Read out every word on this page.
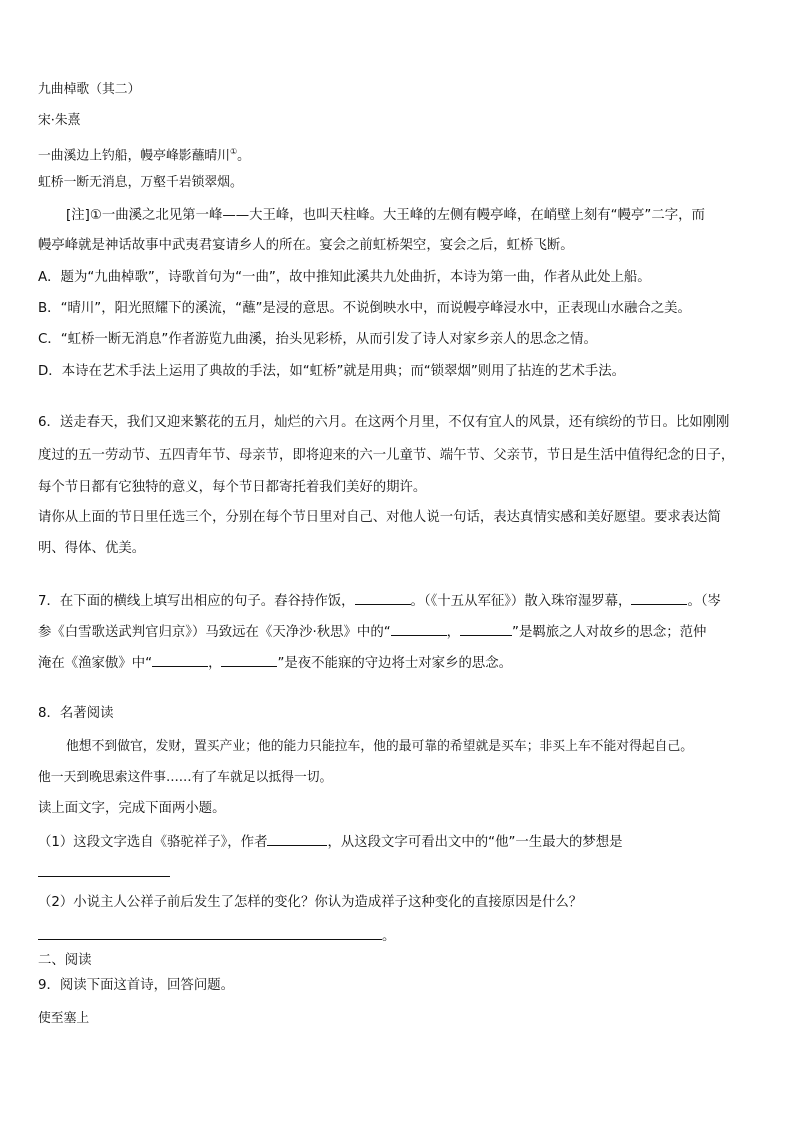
九曲棹歌（其二）
宋·朱熹
一曲溪边上钓船，幔亭峰影蘸晴川①。
虹桥一断无消息，万壑千岩锁翠烟。
[注]①一曲溪之北见第一峰——大王峰，也叫天柱峰。大王峰的左侧有幔亭峰，在峭壁上刻有“幔亭”二字，而
幔亭峰就是神话故事中武夷君宴请乡人的所在。宴会之前虹桥架空，宴会之后，虹桥飞断。
A．题为“九曲棹歌”，诗歌首句为“一曲”，故中推知此溪共九处曲折，本诗为第一曲，作者从此处上船。
B．“晴川”，阳光照耀下的溪流，“蘸”是浸的意思。不说倒映水中，而说幔亭峰浸水中，正表现山水融合之美。
C．“虹桥一断无消息”作者游览九曲溪，抬头见彩桥，从而引发了诗人对家乡亲人的思念之情。
D．本诗在艺术手法上运用了典故的手法，如“虹桥”就是用典；而“锁翠烟”则用了拈连的艺术手法。
6．送走春天，我们又迎来繁花的五月，灿烂的六月。在这两个月里，不仅有宜人的风景，还有缤纷的节日。比如刚刚
度过的五一劳动节、五四青年节、母亲节，即将迎来的六一儿童节、端午节、父亲节，节日是生活中值得纪念的日子，
每个节日都有它独特的意义，每个节日都寄托着我们美好的期许。
请你从上面的节日里任选三个，分别在每个节日里对自己、对他人说一句话，表达真情实感和美好愿望。要求表达简
明、得体、优美。
7．在下面的横线上填写出相应的句子。舂谷持作饭，	。（《十五从军征》）散入珠帘湿罗幕，	。（岑
参《白雪歌送武判官归京》）马致远在《天净沙·秋思》中的“	，	”是羁旅之人对故乡的思念；范仲
淹在《渔家傲》中“	，	”是夜不能寐的守边将士对家乡的思念。
8．名著阅读
他想不到做官，发财，置买产业；他的能力只能拉车，他的最可靠的希望就是买车；非买上车不能对得起自己。
他一天到晚思索这件事……有了车就足以抵得一切。
读上面文字，完成下面两小题。
（1）这段文字选自《骆驼祥子》，作者	，从这段文字可看出文中的“他”一生最大的梦想是
（2）小说主人公祥子前后发生了怎样的变化？你认为造成祥子这种变化的直接原因是什么？
。
二、阅读
9．阅读下面这首诗，回答问题。
使至塞上
